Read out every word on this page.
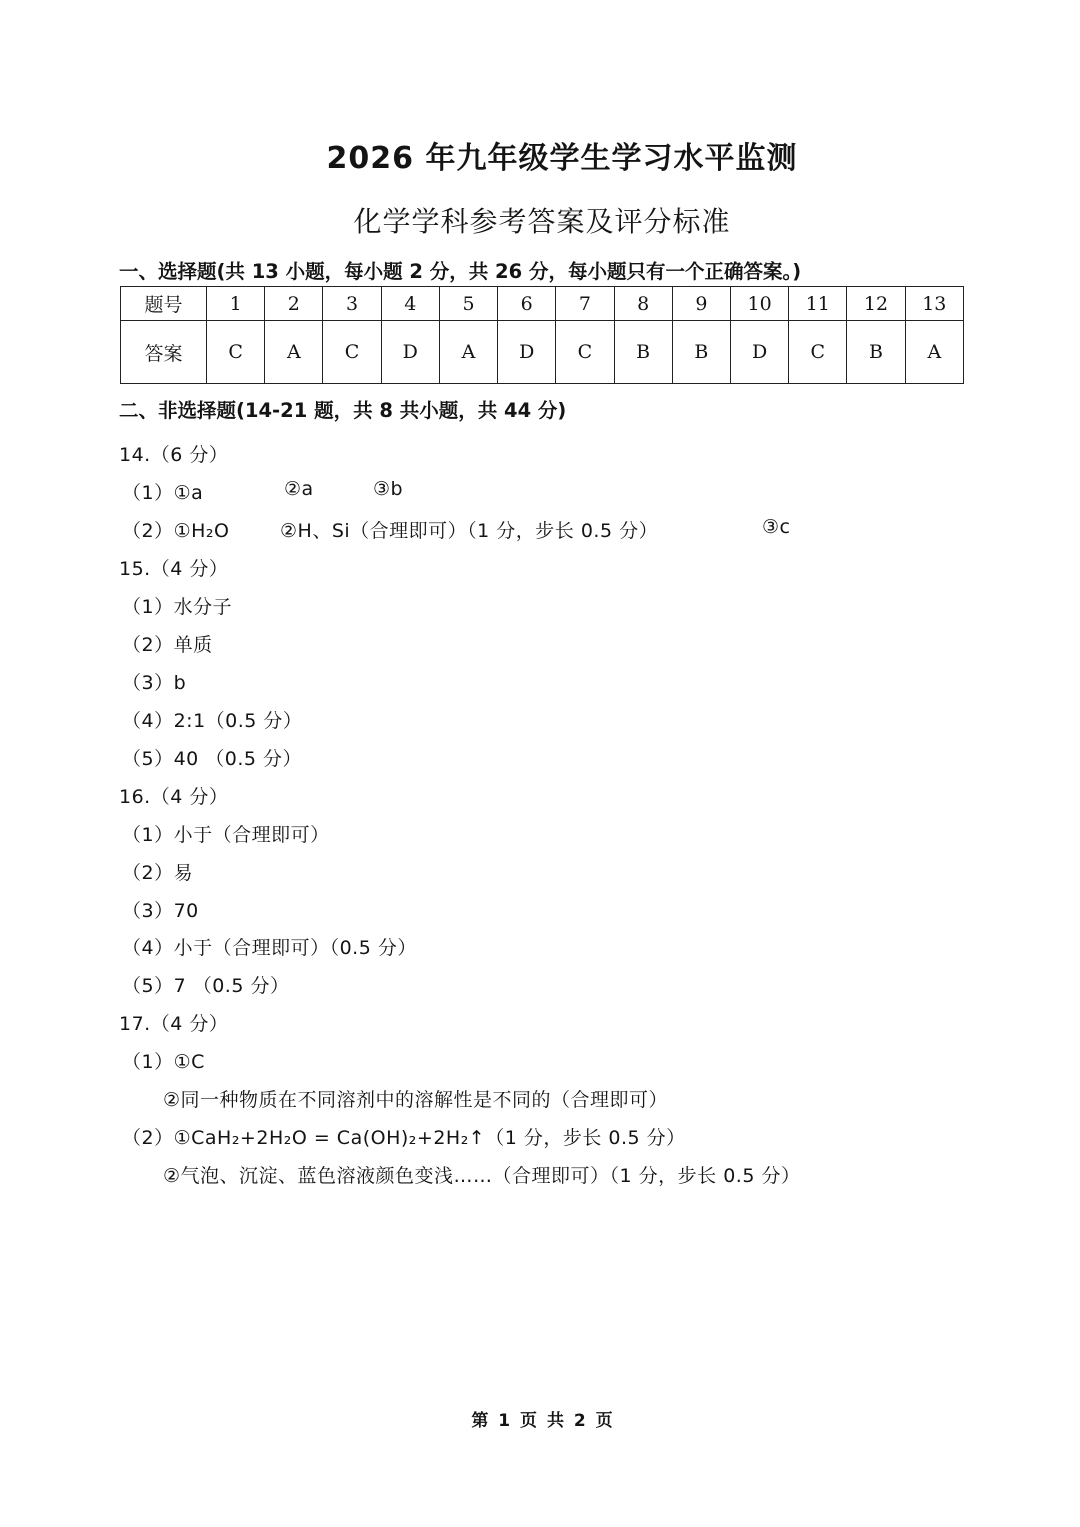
2026 年九年级学生学习水平监测
化学学科参考答案及评分标准
一、选择题(共 13 小题，每小题 2 分，共 26 分，每小题只有一个正确答案。)
题号	1	2	3	4	5	6	7	8	9	10	11	12	13
答案	C	A	C	D	A	D	C	B	B	D	C	B	A
二、非选择题(14-21 题，共 8 共小题，共 44 分)
14.（6 分）
（1）①a	②a	③b
（2）①H₂O	②H、Si（合理即可）（1 分，步长 0.5 分）	③c
15.（4 分）
（1）水分子
（2）单质
（3）b
（4）2:1（0.5 分）
（5）40 （0.5 分）
16.（4 分）
（1）小于（合理即可）
（2）易
（3）70
（4）小于（合理即可）（0.5 分）
（5）7 （0.5 分）
17.（4 分）
（1）①C
②同一种物质在不同溶剂中的溶解性是不同的（合理即可）
（2）①CaH₂+2H₂O = Ca(OH)₂+2H₂↑（1 分，步长 0.5 分）
②气泡、沉淀、蓝色溶液颜色变浅……（合理即可）（1 分，步长 0.5 分）
第 1 页 共 2 页
